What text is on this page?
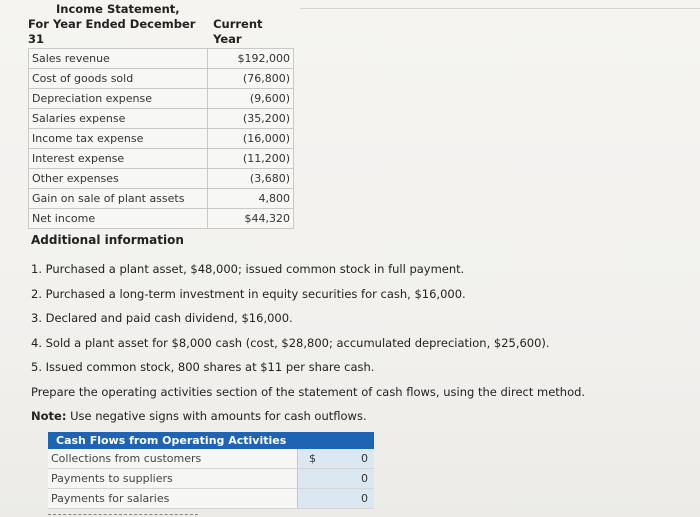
Income Statement,
For Year Ended December 31
Current Year
Sales revenue	$192,000
Cost of goods sold	(76,800)
Depreciation expense	(9,600)
Salaries expense	(35,200)
Income tax expense	(16,000)
Interest expense	(11,200)
Other expenses	(3,680)
Gain on sale of plant assets	4,800
Net income	$44,320
Additional information
1. Purchased a plant asset, $48,000; issued common stock in full payment.
2. Purchased a long-term investment in equity securities for cash, $16,000.
3. Declared and paid cash dividend, $16,000.
4. Sold a plant asset for $8,000 cash (cost, $28,800; accumulated depreciation, $25,600).
5. Issued common stock, 800 shares at $11 per share cash.
Prepare the operating activities section of the statement of cash flows, using the direct method.
Note: Use negative signs with amounts for cash outflows.
Cash Flows from Operating Activities
Collections from customers	$	0
Payments to suppliers	0
Payments for salaries	0
